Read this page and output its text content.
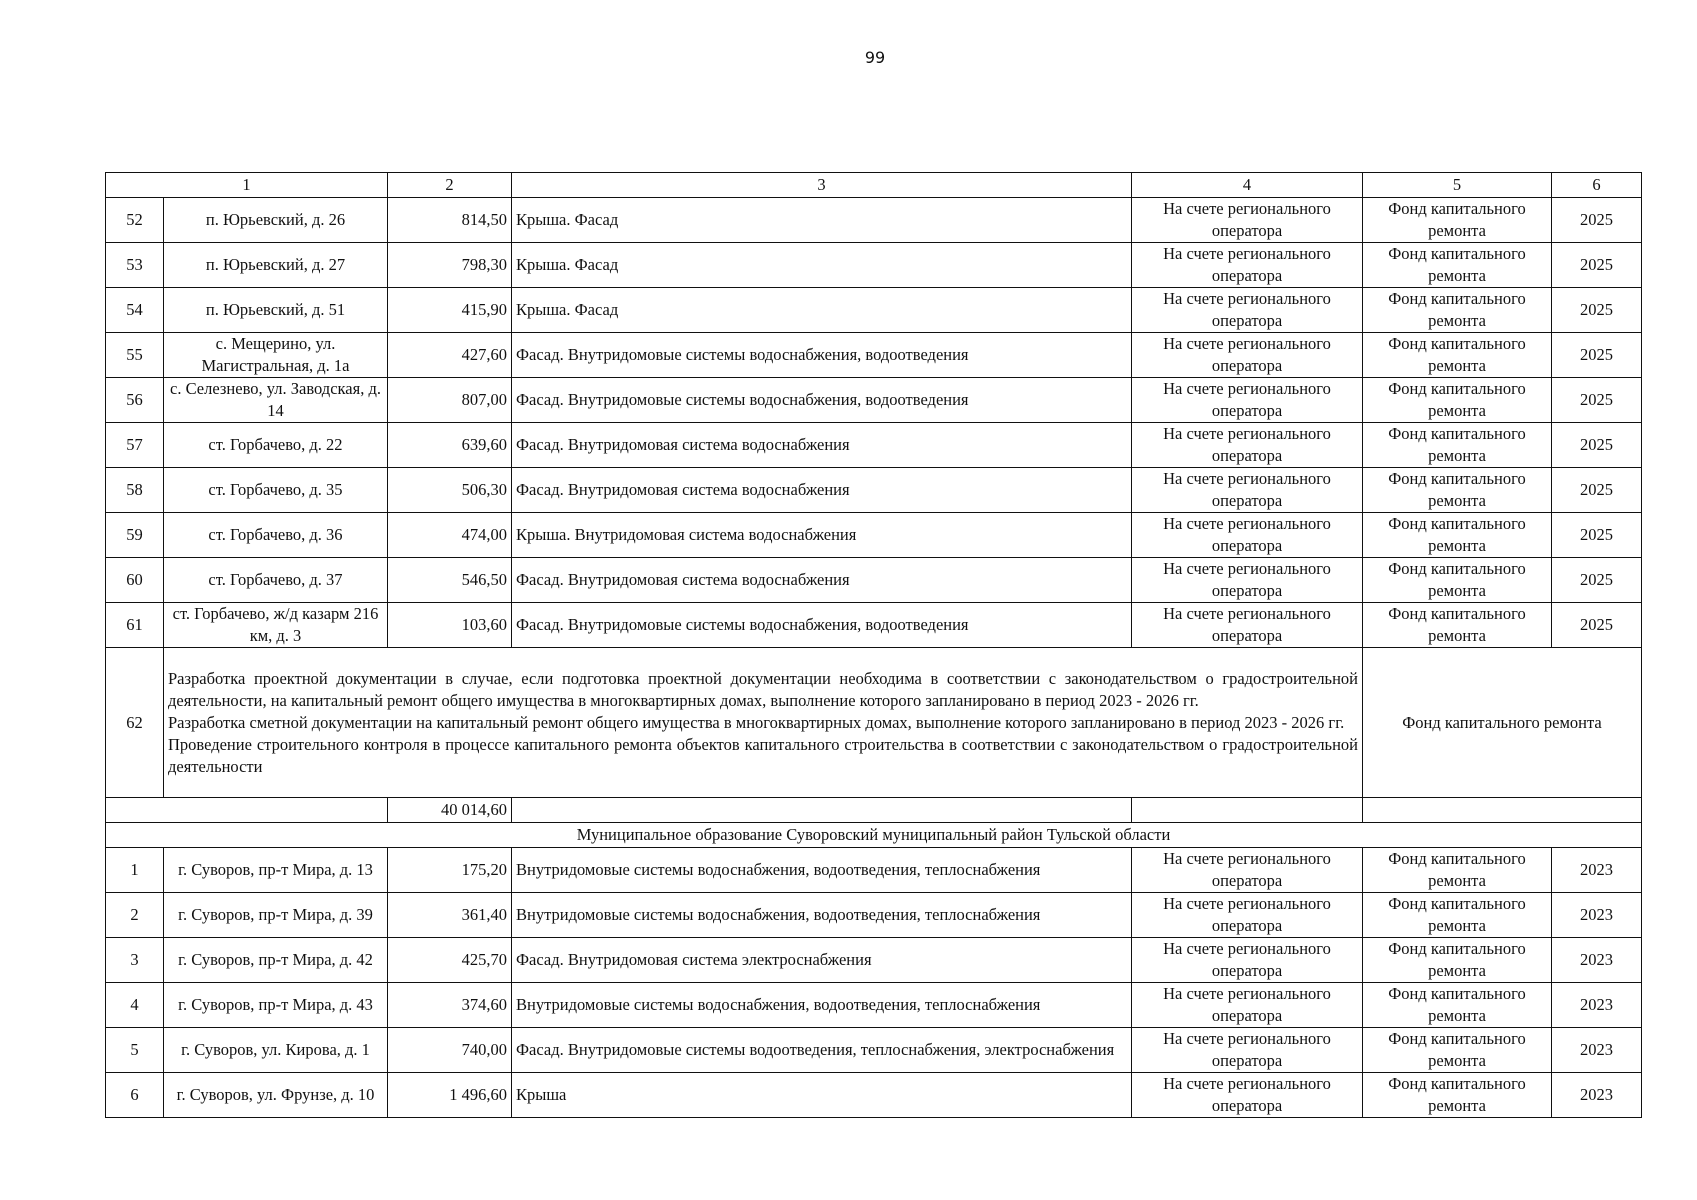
99
1		2	3	4	5	6
52	п. Юрьевский, д. 26	814,50	Крыша. Фасад	На счете регионального оператора	Фонд капитального ремонта	2025
53	п. Юрьевский, д. 27	798,30	Крыша. Фасад	На счете регионального оператора	Фонд капитального ремонта	2025
54	п. Юрьевский, д. 51	415,90	Крыша. Фасад	На счете регионального оператора	Фонд капитального ремонта	2025
55	с. Мещерино, ул. Магистральная, д. 1а	427,60	Фасад. Внутридомовые системы водоснабжения, водоотведения	На счете регионального оператора	Фонд капитального ремонта	2025
56	с. Селезнево, ул. Заводская, д. 14	807,00	Фасад. Внутридомовые системы водоснабжения, водоотведения	На счете регионального оператора	Фонд капитального ремонта	2025
57	ст. Горбачево, д. 22	639,60	Фасад. Внутридомовая система водоснабжения	На счете регионального оператора	Фонд капитального ремонта	2025
58	ст. Горбачево, д. 35	506,30	Фасад. Внутридомовая система водоснабжения	На счете регионального оператора	Фонд капитального ремонта	2025
59	ст. Горбачево, д. 36	474,00	Крыша. Внутридомовая система водоснабжения	На счете регионального оператора	Фонд капитального ремонта	2025
60	ст. Горбачево, д. 37	546,50	Фасад. Внутридомовая система водоснабжения	На счете регионального оператора	Фонд капитального ремонта	2025
61	ст. Горбачево, ж/д казарм 216 км, д. 3	103,60	Фасад. Внутридомовые системы водоснабжения, водоотведения	На счете регионального оператора	Фонд капитального ремонта	2025
62	Разработка проектной документации в случае, если подготовка проектной документации необходима в соответствии с законодательством о градостроительной деятельности, на капитальный ремонт общего имущества в многоквартирных домах, выполнение которого запланировано в период 2023 - 2026 гг.

Разработка сметной документации на капитальный ремонт общего имущества в многоквартирных домах, выполнение которого запланировано в период 2023 - 2026 гг.

Проведение строительного контроля в процессе капитального ремонта объектов капитального строительства в соответствии с законодательством о градостроительной деятельности				Фонд капитального ремонта	
		40 014,60				
Муниципальное образование Суворовский муниципальный район Тульской области						
1	г. Суворов, пр-т Мира, д. 13	175,20	Внутридомовые системы водоснабжения, водоотведения, теплоснабжения	На счете регионального оператора	Фонд капитального ремонта	2023
2	г. Суворов, пр-т Мира, д. 39	361,40	Внутридомовые системы водоснабжения, водоотведения, теплоснабжения	На счете регионального оператора	Фонд капитального ремонта	2023
3	г. Суворов, пр-т Мира, д. 42	425,70	Фасад. Внутридомовая система электроснабжения	На счете регионального оператора	Фонд капитального ремонта	2023
4	г. Суворов, пр-т Мира, д. 43	374,60	Внутридомовые системы водоснабжения, водоотведения, теплоснабжения	На счете регионального оператора	Фонд капитального ремонта	2023
5	г. Суворов, ул. Кирова, д. 1	740,00	Фасад. Внутридомовые системы водоотведения, теплоснабжения, электроснабжения	На счете регионального оператора	Фонд капитального ремонта	2023
6	г. Суворов, ул. Фрунзе, д. 10	1 496,60	Крыша	На счете регионального оператора	Фонд капитального ремонта	2023
